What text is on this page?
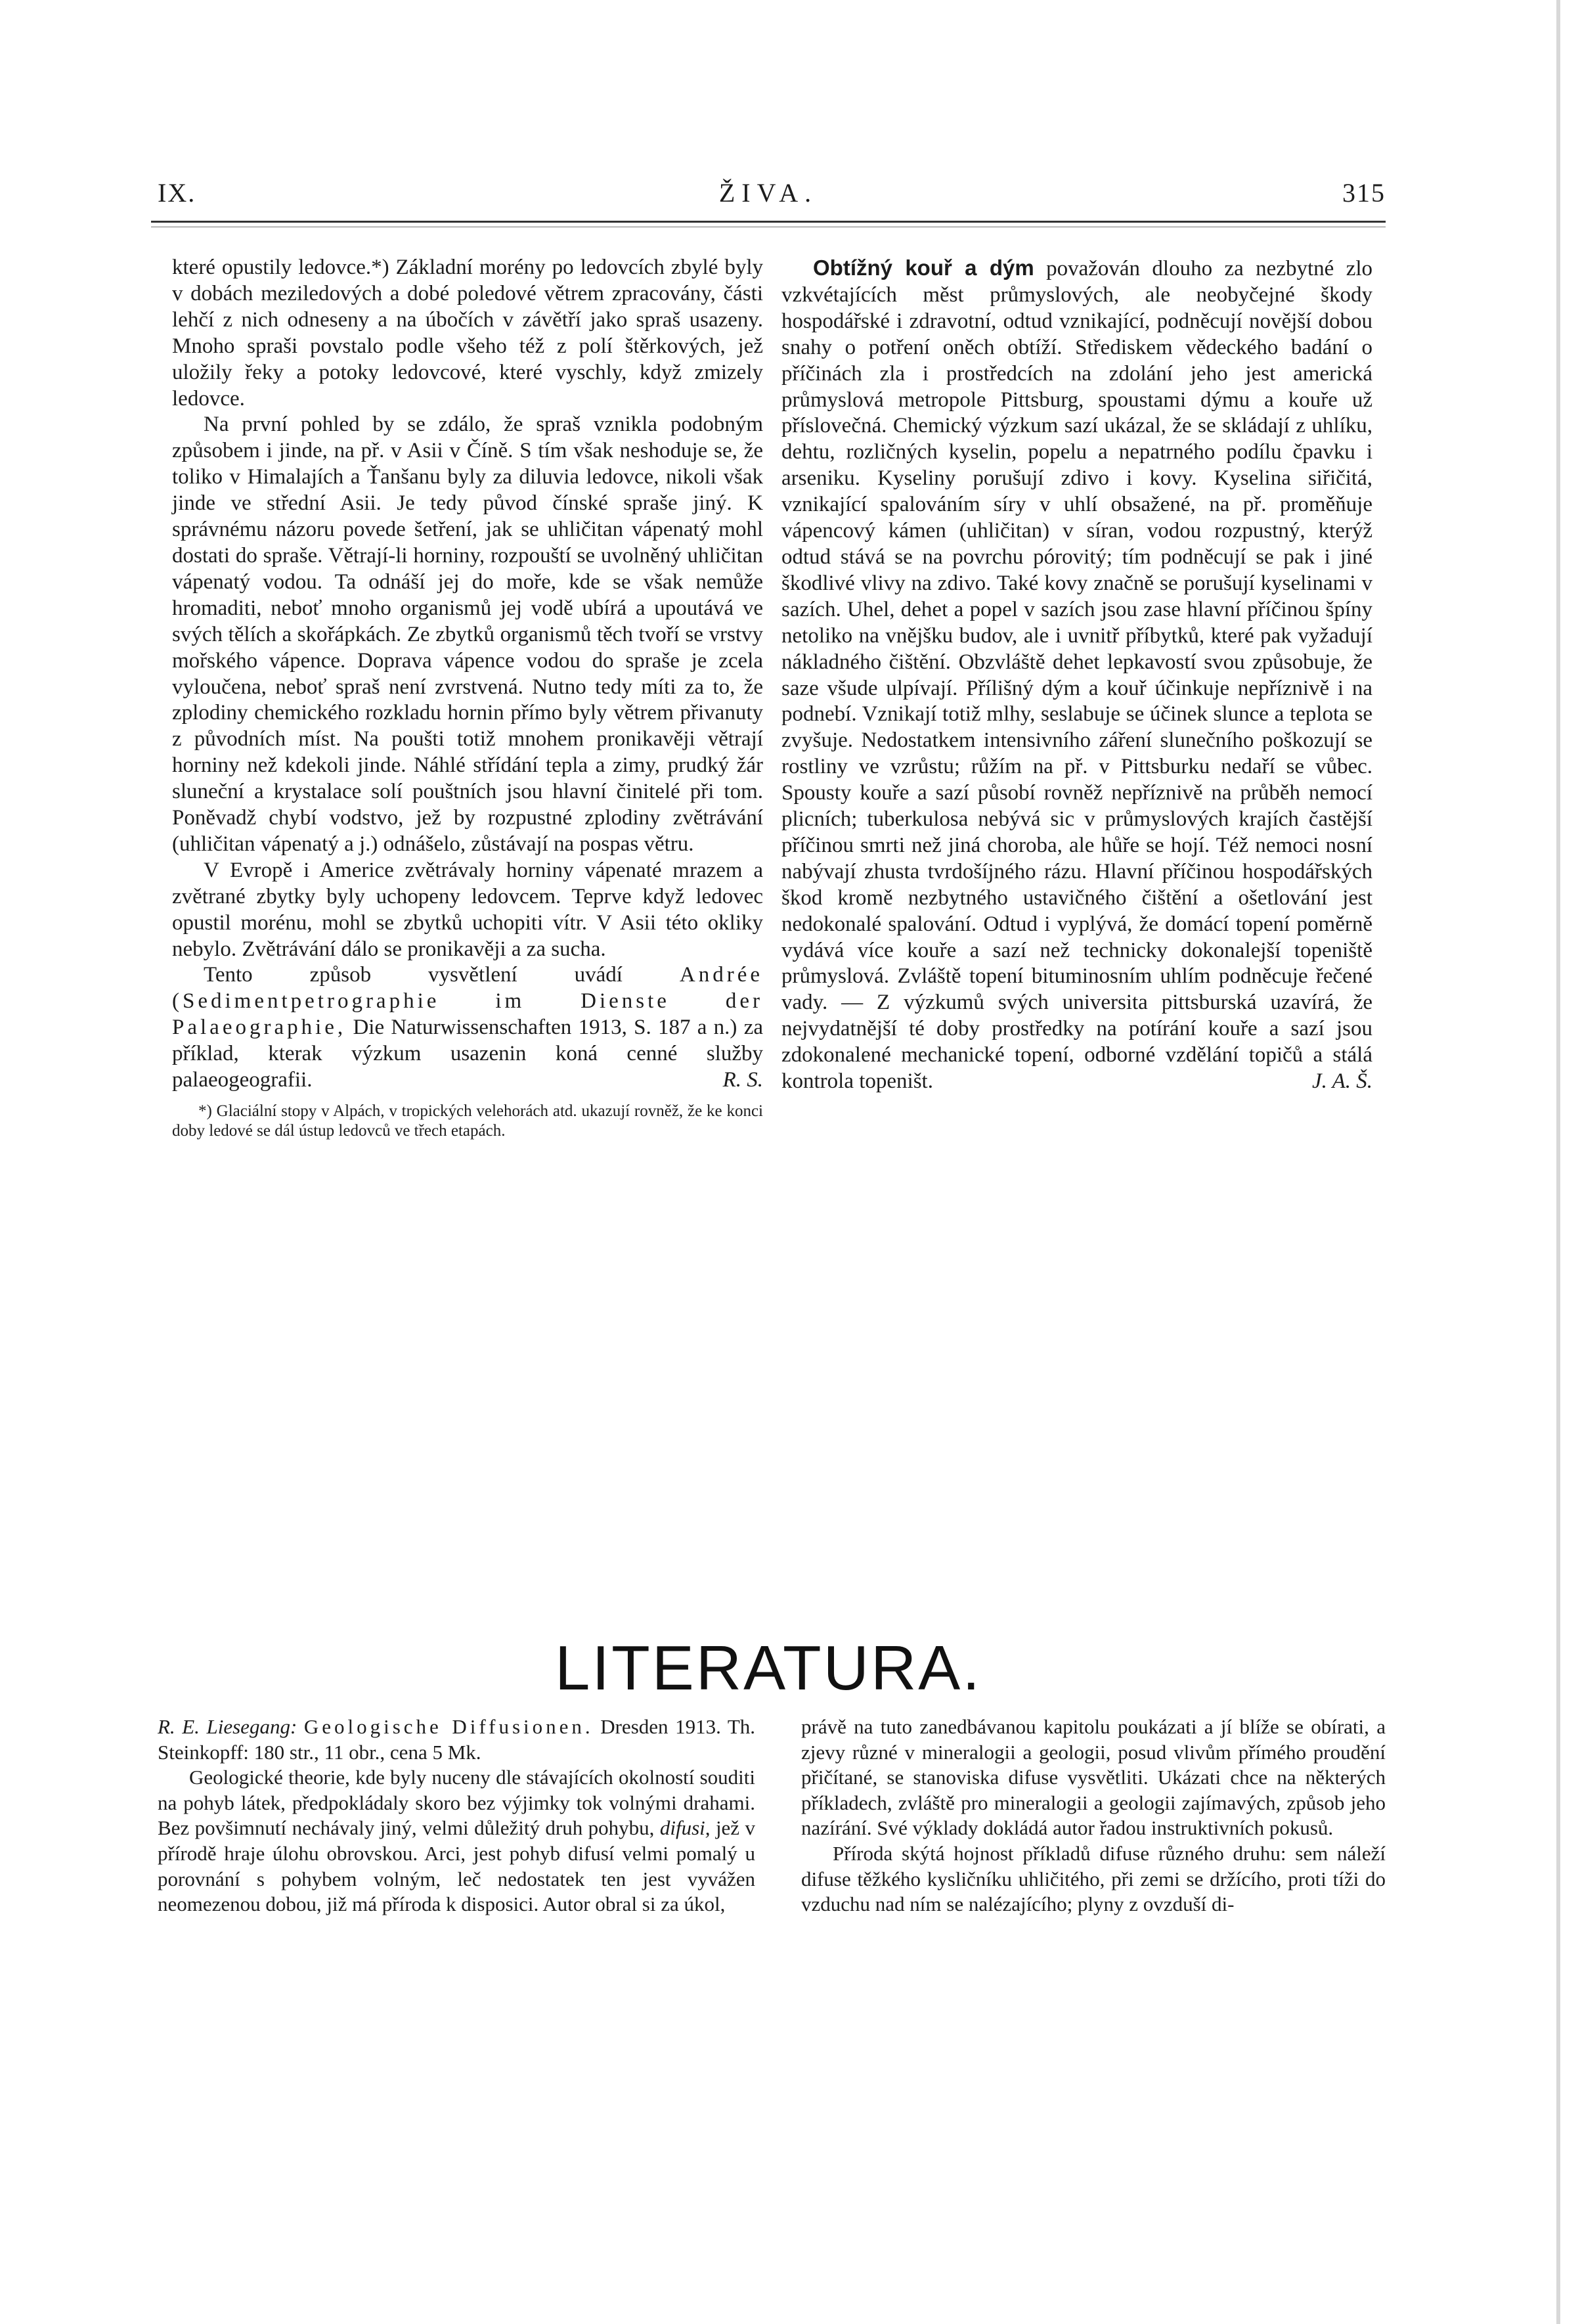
IX.	ŽIVA.	315

které opustily ledovce.*) Základní morény po ledovcích zbylé byly v dobách meziledových a dobé poledové větrem zpracovány, části lehčí z nich odneseny a na úbočích v závětří jako spraš usazeny. Mnoho spraši povstalo podle všeho též z polí štěrkových, jež uložily řeky a potoky ledovcové, které vyschly, když zmizely ledovce.

Na první pohled by se zdálo, že spraš vznikla podobným způsobem i jinde, na př. v Asii v Číně. S tím však neshoduje se, že toliko v Himalajích a Ťanšanu byly za diluvia ledovce, nikoli však jinde ve střední Asii. Je tedy původ čínské spraše jiný. K správnému názoru povede šetření, jak se uhličitan vápenatý mohl dostati do spraše. Větrají-li horniny, rozpouští se uvolněný uhličitan vápenatý vodou. Ta odnáší jej do moře, kde se však nemůže hromaditi, neboť mnoho organismů jej vodě ubírá a upoutává ve svých tělích a skořápkách. Ze zbytků organismů těch tvoří se vrstvy mořského vápence. Doprava vápence vodou do spraše je zcela vyloučena, neboť spraš není zvrstvená. Nutno tedy míti za to, že zplodiny chemického rozkladu hornin přímo byly větrem přivanuty z původních míst. Na poušti totiž mnohem pronikavěji větrají horniny než kdekoli jinde. Náhlé střídání tepla a zimy, prudký žár sluneční a krystalace solí pouštních jsou hlavní činitelé při tom. Poněvadž chybí vodstvo, jež by rozpustné zplodiny zvětrávání (uhličitan vápenatý a j.) odnášelo, zůstávají na pospas větru.

V Evropě i Americe zvětrávaly horniny vápenaté mrazem a zvětrané zbytky byly uchopeny ledovcem. Teprve když ledovec opustil morénu, mohl se zbytků uchopiti vítr. V Asii této okliky nebylo. Zvětrávání dálo se pronikavěji a za sucha.

Tento způsob vysvětlení uvádí	Andrée (Sedimentpetrographie im Dienste der Palaeographie, Die Naturwissenschaften 1913, S. 187 a n.) za příklad, kterak výzkum usazenin koná cenné služby palaeogeografii.	R. S.

*) Glaciální stopy v Alpách, v tropických velehorách atd. ukazují rovněž, že ke konci doby ledové se dál ústup ledovců ve třech etapách.

Obtížný kouř a dým považován dlouho za nezbytné zlo vzkvétajících měst průmyslových, ale neobyčejné škody hospodářské i zdravotní, odtud vznikající, podněcují novější dobou snahy o potření oněch obtíží. Střediskem vědeckého badání o příčinách zla i prostředcích na zdolání jeho jest americká průmyslová metropole Pittsburg, spoustami dýmu a kouře už příslovečná. Chemický výzkum sazí ukázal, že se skládají z uhlíku, dehtu, rozličných kyselin, popelu a nepatrného podílu čpavku i arseniku. Kyseliny porušují zdivo i kovy. Kyselina siřičitá, vznikající spalováním síry v uhlí obsažené, na př. proměňuje vápencový kámen (uhličitan) v síran, vodou rozpustný, kterýž odtud stává se na povrchu pórovitý; tím podněcují se pak i jiné škodlivé vlivy na zdivo. Také kovy značně se porušují kyselinami v sazích. Uhel, dehet a popel v sazích jsou zase hlavní příčinou špíny netoliko na vnějšku budov, ale i uvnitř příbytků, které pak vyžadují nákladného čištění. Obzvláště dehet lepkavostí svou způsobuje, že saze všude ulpívají. Přílišný dým a kouř účinkuje nepříznivě i na podnebí. Vznikají totiž mlhy, seslabuje se účinek slunce a teplota se zvyšuje. Nedostatkem intensivního záření slunečního poškozují se rostliny ve vzrůstu; růžím na př. v Pittsburku nedaří se vůbec. Spousty kouře a sazí působí rovněž nepříznivě na průběh nemocí plicních; tuberkulosa nebývá sic v průmyslových krajích častější příčinou smrti než jiná choroba, ale hůře se hojí. Též nemoci nosní nabývají zhusta tvrdošíjného rázu. Hlavní příčinou hospodářských škod kromě nezbytného ustavičného čištění a ošetlování jest nedokonalé spalování. Odtud i vyplývá, že domácí topení poměrně vydává více kouře a sazí než technicky dokonalejší topeniště průmyslová. Zvláště topení bituminosním uhlím podněcuje řečené vady. — Z výzkumů svých universita pittsburská uzavírá, že nejvydatnější té doby prostředky na potírání kouře a sazí jsou zdokonalené mechanické topení, odborné vzdělání topičů a stálá kontrola topeništ.	J. A. Š.

LITERATURA.

R. E. Liesegang: Geologische Diffusionen. Dresden 1913. Th. Steinkopff: 180 str., 11 obr., cena 5 Mk.

Geologické theorie, kde byly nuceny dle stávajících okolností souditi na pohyb látek, předpokládaly skoro bez výjimky tok volnými drahami. Bez povšimnutí nechávaly jiný, velmi důležitý druh pohybu, difusi, jež v přírodě hraje úlohu obrovskou. Arci, jest pohyb difusí velmi pomalý u porovnání s pohybem volným, leč nedostatek ten jest vyvážen neomezenou dobou, již má příroda k disposici. Autor obral si za úkol,

právě na tuto zanedbávanou kapitolu poukázati a jí blíže se obírati, a zjevy různé v mineralogii a geologii, posud vlivům přímého proudění přičítané, se stanoviska difuse vysvětliti. Ukázati chce na některých příkladech, zvláště pro mineralogii a geologii zajímavých, způsob jeho nazírání. Své výklady dokládá autor řadou instruktivních pokusů.

Příroda skýtá hojnost příkladů difuse různého druhu: sem náleží difuse těžkého kysličníku uhličitého, při zemi se držícího, proti tíži do vzduchu nad ním se nalézajícího; plyny z ovzduší di-
